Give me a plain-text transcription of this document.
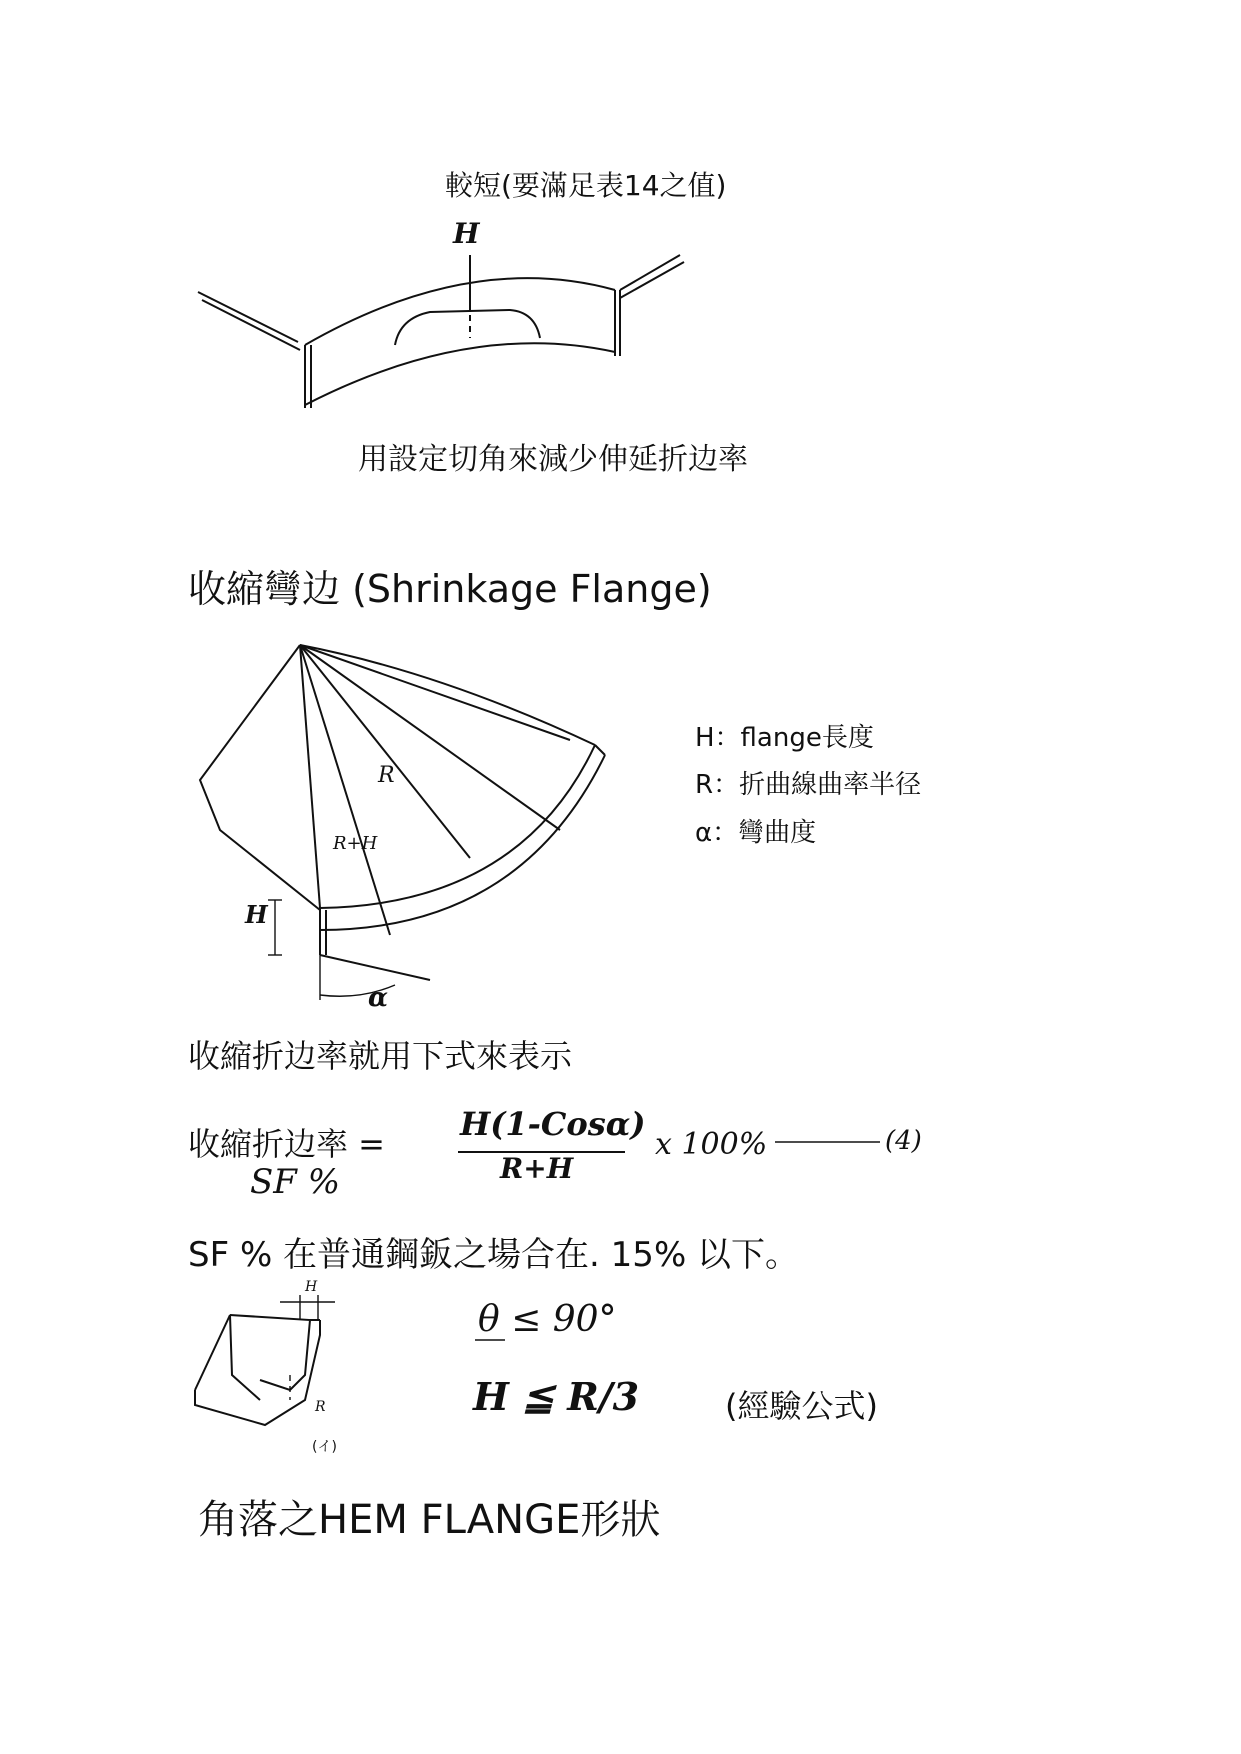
較短(要滿足表14之值)
H
用設定切角來減少伸延折边率
收縮彎边 (Shrinkage Flange)
R
R+H
H
α
H：flange長度
R：折曲線曲率半径
α：彎曲度
收縮折边率就用下式來表示
收縮折边率 =
SF %
H(1-Cosα)
R+H
x 100%	(4)
SF % 在普通鋼鈑之場合在. 15% 以下。
H
R
(イ)
θ ≤ 90°
H ≦ R/3	(經驗公式)
角落之HEM FLANGE形狀
